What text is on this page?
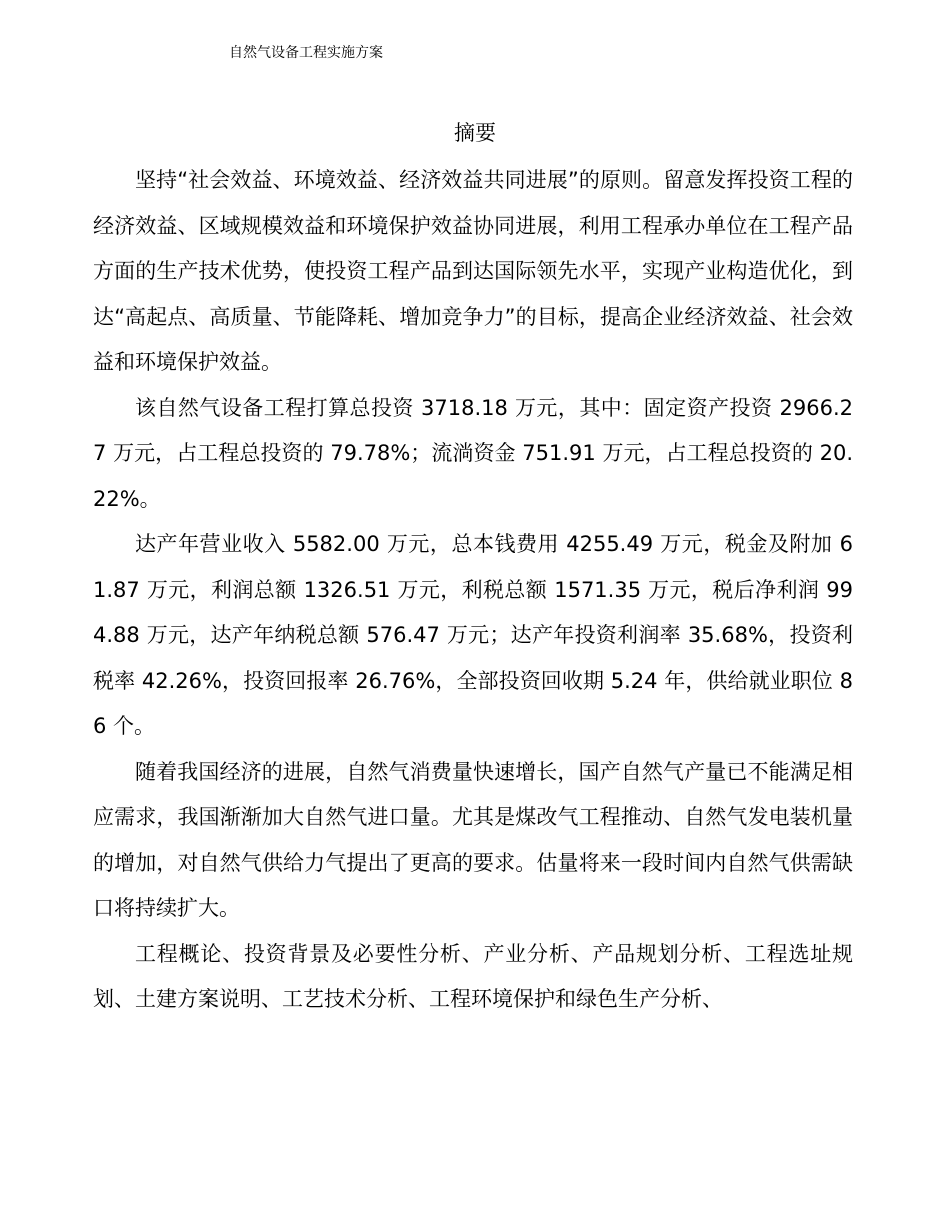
自然气设备工程实施方案
摘要

坚持“社会效益、环境效益、经济效益共同进展”的原则。留意发挥投资工程的经济效益、区域规模效益和环境保护效益协同进展，利用工程承办单位在工程产品方面的生产技术优势，使投资工程产品到达国际领先水平，实现产业构造优化，到达“高起点、高质量、节能降耗、增加竞争力”的目标，提高企业经济效益、社会效益和环境保护效益。

该自然气设备工程打算总投资 3718.18 万元，其中：固定资产投资 2966.27 万元，占工程总投资的 79.78%；流淌资金 751.91 万元，占工程总投资的 20.22%。

达产年营业收入 5582.00 万元，总本钱费用 4255.49 万元，税金及附加 61.87 万元，利润总额 1326.51 万元，利税总额 1571.35 万元，税后净利润 994.88 万元，达产年纳税总额 576.47 万元；达产年投资利润率 35.68%，投资利税率 42.26%，投资回报率 26.76%，全部投资回收期 5.24 年，供给就业职位 86 个。

随着我国经济的进展，自然气消费量快速增长，国产自然气产量已不能满足相应需求，我国渐渐加大自然气进口量。尤其是煤改气工程推动、自然气发电装机量的增加，对自然气供给力气提出了更高的要求。估量将来一段时间内自然气供需缺口将持续扩大。

工程概论、投资背景及必要性分析、产业分析、产品规划分析、工程选址规划、土建方案说明、工艺技术分析、工程环境保护和绿色生产分析、
